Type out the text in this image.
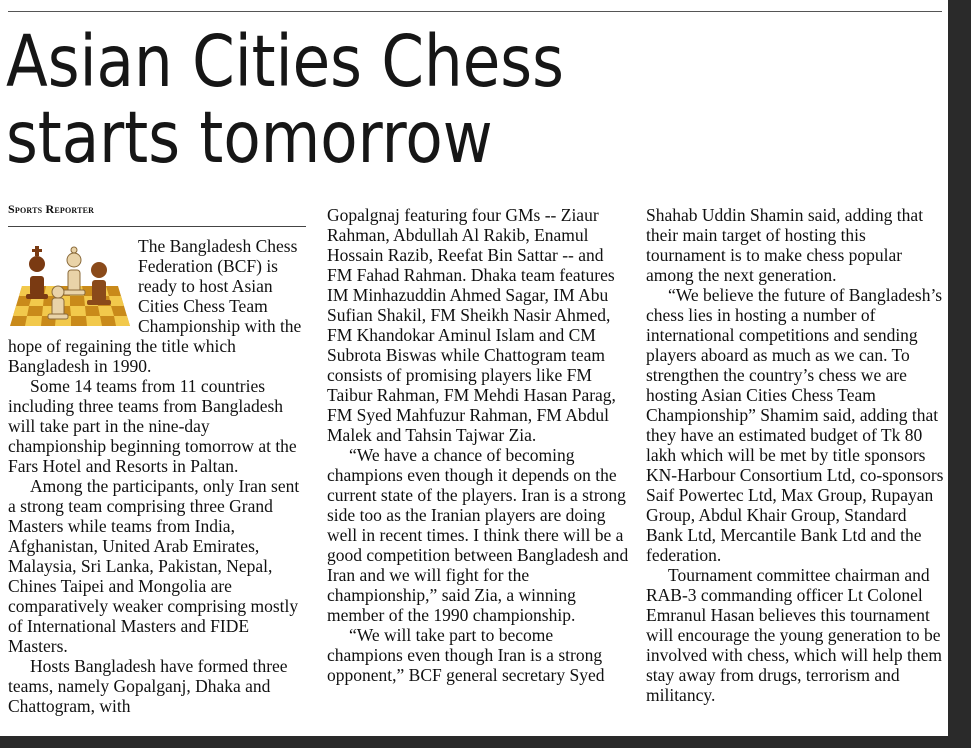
Asian Cities Chess
starts tomorrow
Sports Reporter

The Bangladesh Chess Federation (BCF) is ready to host Asian Cities Chess Team Championship with the hope of regaining the title which Bangladesh in 1990.

Some 14 teams from 11 countries including three teams from Bangladesh will take part in the nine-day championship beginning tomorrow at the Fars Hotel and Resorts in Paltan.

Among the participants, only Iran sent a strong team comprising three Grand Masters while teams from India, Afghanistan, United Arab Emirates, Malaysia, Sri Lanka, Pakistan, Nepal, Chines Taipei and Mongolia are comparatively weaker comprising mostly of International Masters and FIDE Masters.

Hosts Bangladesh have formed three teams, namely Gopalganj, Dhaka and Chattogram, with

Gopalgnaj featuring four GMs -- Ziaur Rahman, Abdullah Al Rakib, Enamul Hossain Razib, Reefat Bin Sattar -- and FM Fahad Rahman. Dhaka team features IM Minhazuddin Ahmed Sagar, IM Abu Sufian Shakil, FM Sheikh Nasir Ahmed, FM Khandokar Aminul Islam and CM Subrota Biswas while Chattogram team consists of promising players like FM Taibur Rahman, FM Mehdi Hasan Parag, FM Syed Mahfuzur Rahman, FM Abdul Malek and Tahsin Tajwar Zia.

“We have a chance of becoming champions even though it depends on the current state of the players. Iran is a strong side too as the Iranian players are doing well in recent times. I think there will be a good competition between Bangladesh and Iran and we will fight for the championship,” said Zia, a winning member of the 1990 championship.

“We will take part to become champions even though Iran is a strong opponent,” BCF general secretary Syed

Shahab Uddin Shamin said, adding that their main target of hosting this tournament is to make chess popular among the next generation.

“We believe the future of Bangladesh’s chess lies in hosting a number of international competitions and sending players aboard as much as we can. To strengthen the country’s chess we are hosting Asian Cities Chess Team Championship” Shamim said, adding that they have an estimated budget of Tk 80 lakh which will be met by title sponsors KN-Harbour Consortium Ltd, co-sponsors Saif Powertec Ltd, Max Group, Rupayan Group, Abdul Khair Group, Standard Bank Ltd, Mercantile Bank Ltd and the federation.

Tournament committee chairman and RAB-3 commanding officer Lt Colonel Emranul Hasan believes this tournament will encourage the young generation to be involved with chess, which will help them stay away from drugs, terrorism and militancy.
